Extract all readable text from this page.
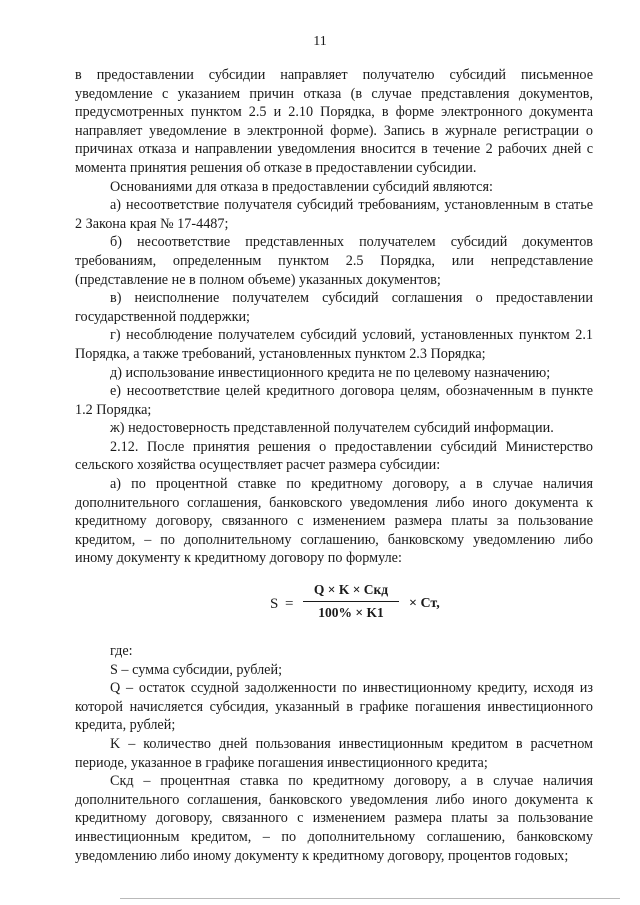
11

в предоставлении субсидии направляет получателю субсидий письменное уведомление с указанием причин отказа (в случае представления документов, предусмотренных пунктом 2.5 и 2.10 Порядка, в форме электронного документа направляет уведомление в электронной форме). Запись в журнале регистрации о причинах отказа и направлении уведомления вносится в течение 2 рабочих дней с момента принятия решения об отказе в предоставлении субсидии.

Основаниями для отказа в предоставлении субсидий являются:

а) несоответствие получателя субсидий требованиям, установленным в статье 2 Закона края № 17-4487;

б) несоответствие представленных получателем субсидий документов требованиям, определенным пунктом 2.5 Порядка, или непредставление (представление не в полном объеме) указанных документов;

в) неисполнение получателем субсидий соглашения о предоставлении государственной поддержки;

г) несоблюдение получателем субсидий условий, установленных пунктом 2.1 Порядка, а также требований, установленных пунктом 2.3 Порядка;

д) использование инвестиционного кредита не по целевому назначению;

е) несоответствие целей кредитного договора целям, обозначенным в пункте 1.2 Порядка;

ж) недостоверность представленной получателем субсидий информации.

2.12. После принятия решения о предоставлении субсидий Министерство сельского хозяйства осуществляет расчет размера субсидии:

а) по процентной ставке по кредитному договору, а в случае наличия дополнительного соглашения, банковского уведомления либо иного документа к кредитному договору, связанного с изменением размера платы за пользование кредитом, – по дополнительному соглашению, банковскому уведомлению либо иному документу к кредитному договору по формуле:

S =
Q × K × Скд
100% × K1
× Ст,

где:

S – сумма субсидии, рублей;

Q – остаток ссудной задолженности по инвестиционному кредиту, исходя из которой начисляется субсидия, указанный в графике погашения инвестиционного кредита, рублей;

K – количество дней пользования инвестиционным кредитом в расчетном периоде, указанное в графике погашения инвестиционного кредита;

Скд – процентная ставка по кредитному договору, а в случае наличия дополнительного соглашения, банковского уведомления либо иного документа к кредитному договору, связанного с изменением размера платы за пользование инвестиционным кредитом, – по дополнительному соглашению, банковскому уведомлению либо иному документу к кредитному договору, процентов годовых;
